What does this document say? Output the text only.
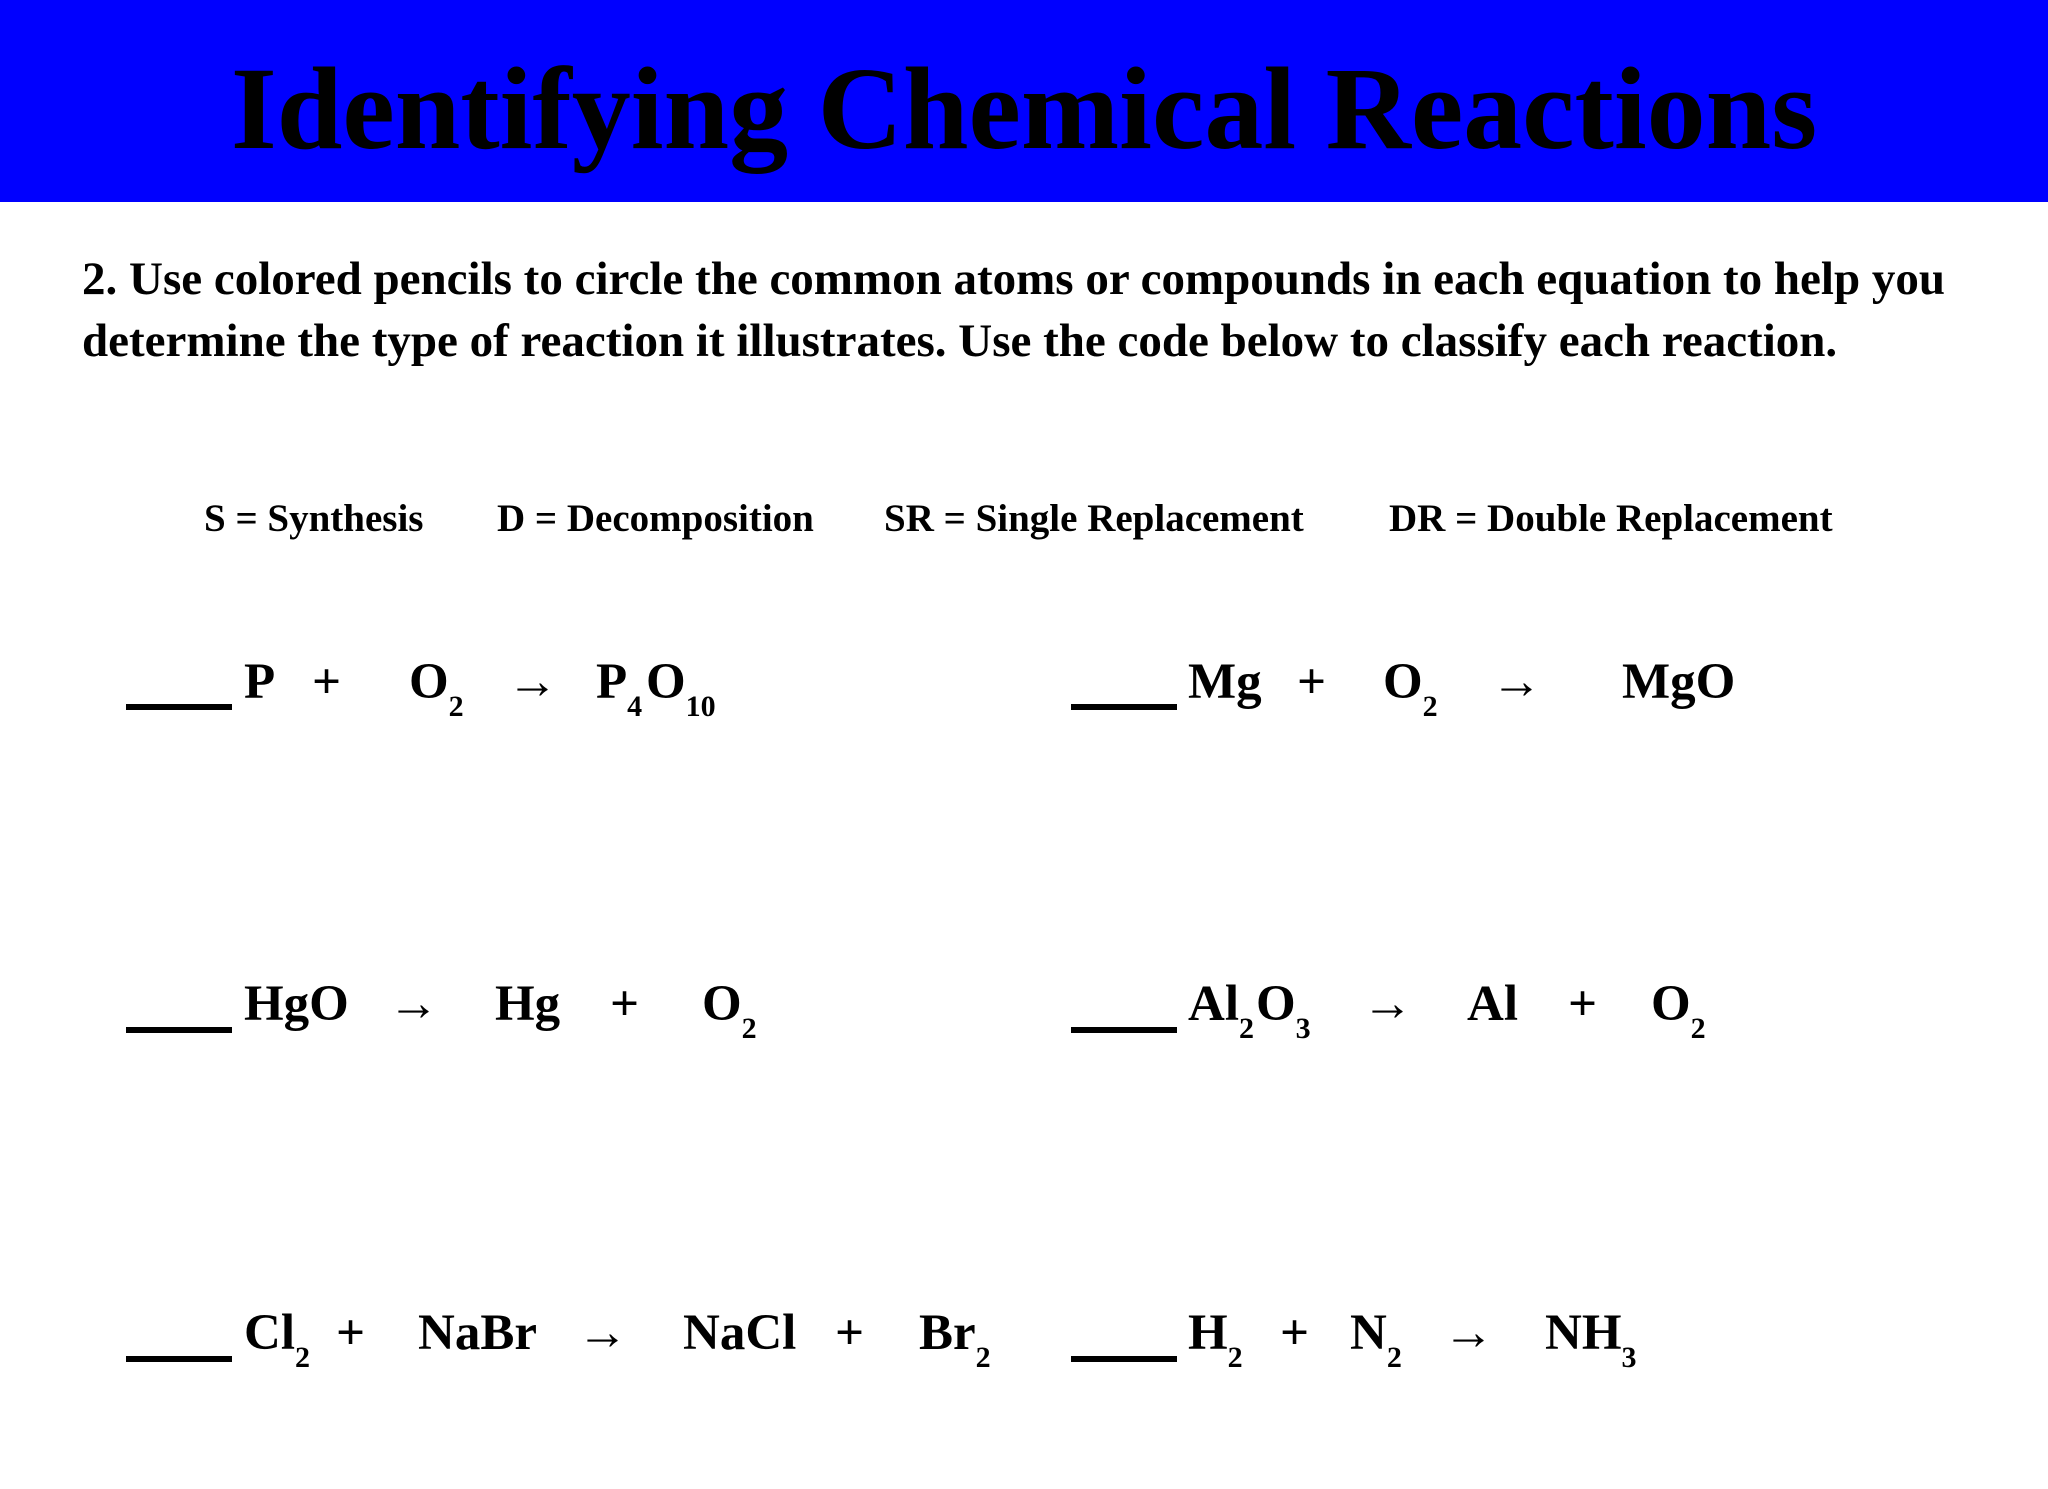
Identifying Chemical Reactions

2. Use colored pencils to circle the common atoms or compounds in each equation to help you determine the type of reaction it illustrates. Use the code below to classify each reaction.

S = Synthesis D = Decomposition SR = Single Replacement DR = Double Replacement
$P + O_2 \to P_4$ $O_{10}$	$Mg + O_2$ → MgO
HgO → $Hg + O_2$	$Al_2$ $O_3 \to Al + O_2$
$Cl_2$ + NaBr → NaCl + $Br_2$	$H_2 + N_2 \to NH_3$
